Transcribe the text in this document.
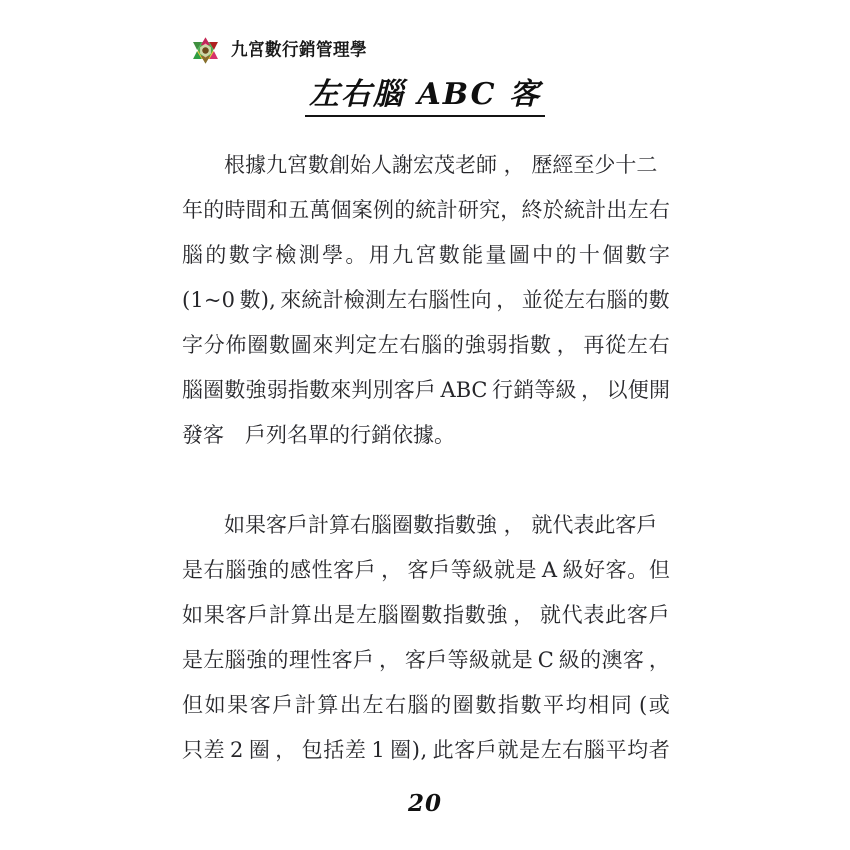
九宮數行銷管理學
左右腦 ABC 客
　　根據九宮數創始人謝宏茂老師 ， 歷經至少十二
年 的 時 間 和 五 萬 個 案 例 的 統 計 研 究 ， 終 於 統 計 出 左 右
腦 的 數 字 檢 測 學 。 用 九 宮 數 能 量 圖 中 的 十 個 數 字
( 1 ~ 0
  數 ) ,
  來 統 計 檢 測 左 右 腦 性 向
  ，
  並 從 左 右 腦 的 數
字 分 佈 圈 數 圖 來 判 定 左 右 腦 的 強 弱 指 數
  ，
  再 從 左 右
腦 圈 數 強 弱 指 數 來 判 別 客 戶
  A B C
  行 銷 等 級
  ，
  以 便 開
發客　戶列名單的行銷依據。
　　如果客戶計算右腦圈數指數強 ， 就代表此客戶
是 右 腦 強 的 感 性 客 戶
  ，
  客 戶 等 級 就 是
  A
  級 好 客 。 但
如 果 客 戶 計 算 出 是 左 腦 圈 數 指 數 強
  ，
  就 代 表 此 客 戶
是 左 腦 強 的 理 性 客 戶
  ，
  客 戶 等 級 就 是
  C
  級 的 澳 客
  ，
但 如 果 客 戶 計 算 出 左 右 腦 的 圈 數 指 數 平 均 相 同
  ( 或
只 差
  2
  圈
  ，
  包 括 差
  1
  圈 ) ,
  此 客 戶 就 是 左 右 腦 平 均 者
20
